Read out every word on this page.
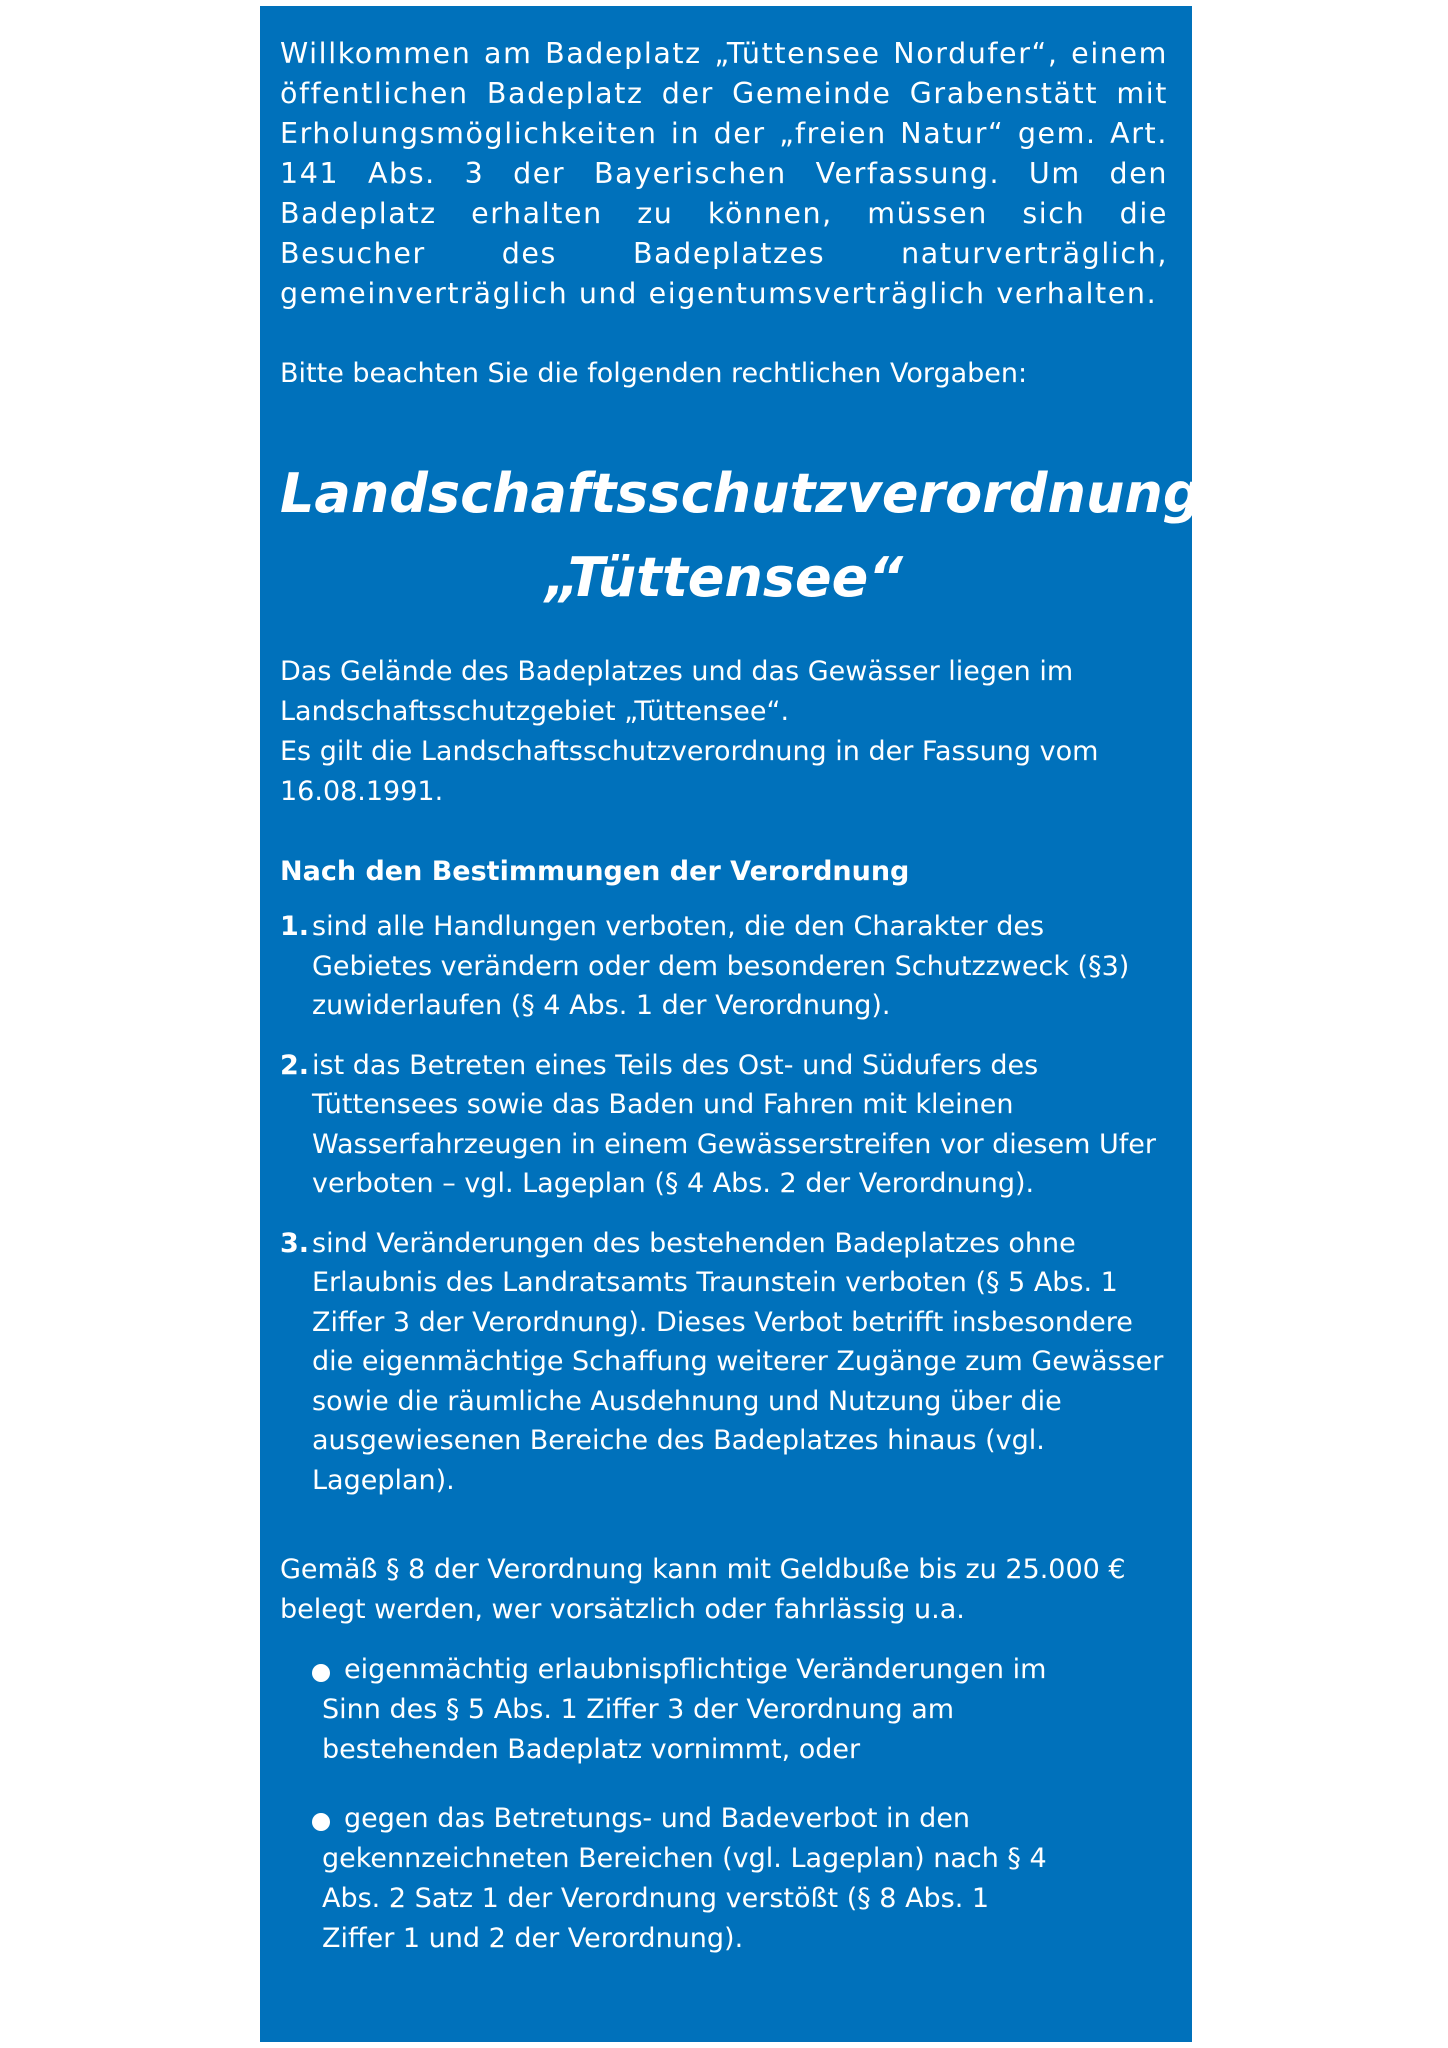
Willkommen am Badeplatz „Tüttensee Nordufer“, einem öffentlichen Badeplatz der Gemeinde Grabenstätt mit Erholungsmöglichkeiten in der „freien Natur“ gem. Art. 141 Abs. 3 der Bayerischen Verfassung. Um den Badeplatz erhalten zu können, müssen sich die Besucher des Badeplatzes naturverträglich, gemeinverträglich und eigentumsverträglich verhalten.

Bitte beachten Sie die folgenden rechtlichen Vorgaben:

Landschaftsschutzverordnung
„Tüttensee“

Das Gelände des Badeplatzes und das Gewässer liegen im Landschaftsschutzgebiet „Tüttensee“.
Es gilt die Landschaftsschutzverordnung in der Fassung vom 16.08.1991.

Nach den Bestimmungen der Verordnung

1. sind alle Handlungen verboten, die den Charakter des Gebietes verändern oder dem besonderen Schutzzweck (§3) zuwiderlaufen (§ 4 Abs. 1 der Verordnung).
2. ist das Betreten eines Teils des Ost- und Südufers des Tüttensees sowie das Baden und Fahren mit kleinen Wasserfahrzeugen in einem Gewässerstreifen vor diesem Ufer verboten – vgl. Lageplan (§ 4 Abs. 2 der Verordnung).
3. sind Veränderungen des bestehenden Badeplatzes ohne Erlaubnis des Landratsamts Traunstein verboten (§ 5 Abs. 1 Ziffer 3 der Verordnung). Dieses Verbot betrifft insbesondere die eigenmächtige Schaffung weiterer Zugänge zum Gewässer sowie die räumliche Ausdehnung und Nutzung über die ausgewiesenen Bereiche des Badeplatzes hinaus (vgl. Lageplan).

Gemäß § 8 der Verordnung kann mit Geldbuße bis zu 25.000 € belegt werden, wer vorsätzlich oder fahrlässig u.a.

eigenmächtig erlaubnispflichtige Veränderungen im Sinn des § 5 Abs. 1 Ziffer 3 der Verordnung am bestehenden Badeplatz vornimmt, oder
gegen das Betretungs- und Badeverbot in den gekennzeichneten Bereichen (vgl. Lageplan) nach § 4 Abs. 2 Satz 1 der Verordnung verstößt (§ 8 Abs. 1 Ziffer 1 und 2 der Verordnung).
